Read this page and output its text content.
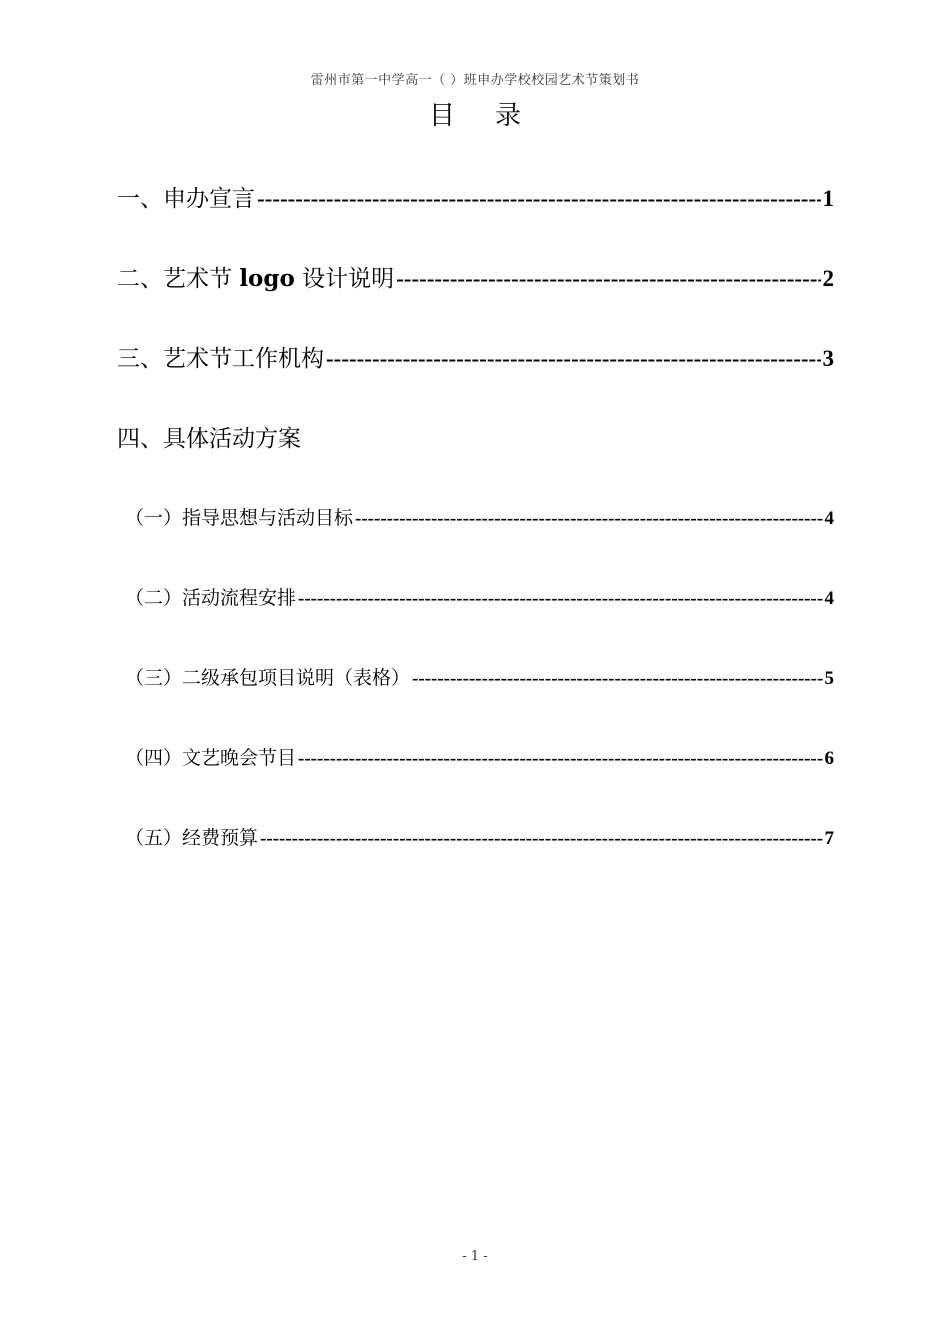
雷州市第一中学高一（ ）班申办学校校园艺术节策划书
目录
一、申办宣言 -----	1
二、艺术节 logo 设计说明 -----	2
三、艺术节工作机构 -----	3
四、具体活动方案
（一）指导思想与活动目标 -----	4
（二）活动流程安排 -----	4
（三）二级承包项目说明（表格） -----	5
（四）文艺晚会节目 -----	6
（五）经费预算 -----	7
- 1 -
